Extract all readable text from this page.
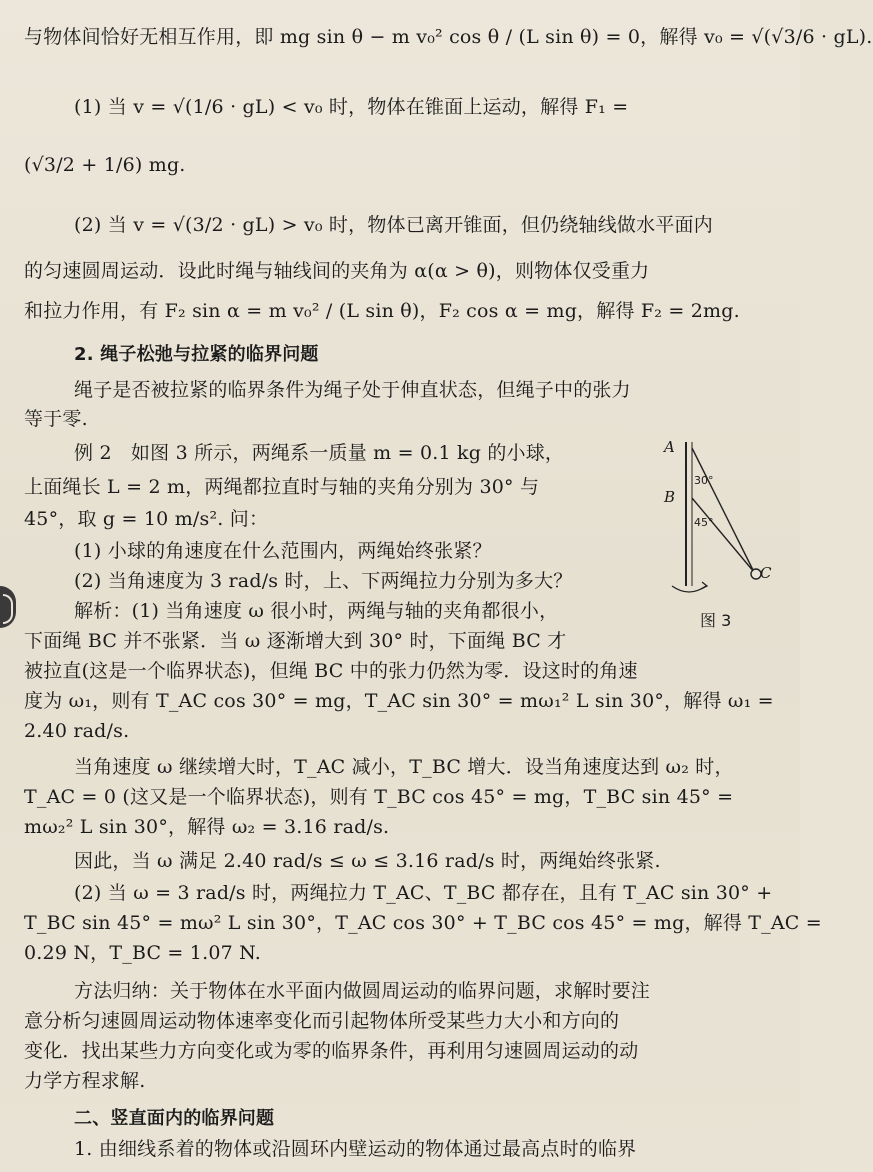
与物体间恰好无相互作用，即 mg sin θ − m v₀² cos θ / (L sin θ) = 0，解得 v₀ = √(√3/6 · gL).
(1) 当 v = √(1/6 · gL) < v₀ 时，物体在锥面上运动，解得 F₁ =
(√3/2 + 1/6) mg.
(2) 当 v = √(3/2 · gL) > v₀ 时，物体已离开锥面，但仍绕轴线做水平面内
的匀速圆周运动．设此时绳与轴线间的夹角为 α(α > θ)，则物体仅受重力
和拉力作用，有 F₂ sin α = m v₀² / (L sin θ)，F₂ cos α = mg，解得 F₂ = 2mg.
2. 绳子松弛与拉紧的临界问题
绳子是否被拉紧的临界条件为绳子处于伸直状态，但绳子中的张力
等于零.
例 2　如图 3 所示，两绳系一质量 m = 0.1 kg 的小球，
上面绳长 L = 2 m，两绳都拉直时与轴的夹角分别为 30° 与
45°，取 g = 10 m/s². 问：
(1) 小球的角速度在什么范围内，两绳始终张紧？
(2) 当角速度为 3 rad/s 时，上、下两绳拉力分别为多大？
解析：(1) 当角速度 ω 很小时，两绳与轴的夹角都很小，
下面绳 BC 并不张紧．当 ω 逐渐增大到 30° 时，下面绳 BC 才
被拉直(这是一个临界状态)，但绳 BC 中的张力仍然为零．设这时的角速
度为 ω₁，则有 T_AC cos 30° = mg，T_AC sin 30° = mω₁² L sin 30°，解得 ω₁ =
2.40 rad/s.
当角速度 ω 继续增大时，T_AC 减小，T_BC 增大．设当角速度达到 ω₂ 时，
T_AC = 0 (这又是一个临界状态)，则有 T_BC cos 45° = mg，T_BC sin 45° =
mω₂² L sin 30°，解得 ω₂ = 3.16 rad/s.
因此，当 ω 满足 2.40 rad/s ≤ ω ≤ 3.16 rad/s 时，两绳始终张紧.
(2) 当 ω = 3 rad/s 时，两绳拉力 T_AC、T_BC 都存在，且有 T_AC sin 30° +
T_BC sin 45° = mω² L sin 30°，T_AC cos 30° + T_BC cos 45° = mg，解得 T_AC =
0.29 N，T_BC = 1.07 N.
方法归纳：关于物体在水平面内做圆周运动的临界问题，求解时要注
意分析匀速圆周运动物体速率变化而引起物体所受某些力大小和方向的
变化．找出某些力方向变化或为零的临界条件，再利用匀速圆周运动的动
力学方程求解.
二、竖直面内的临界问题
1. 由细线系着的物体或沿圆环内壁运动的物体通过最高点时的临界
A
B
C
30°
45°
图 3
